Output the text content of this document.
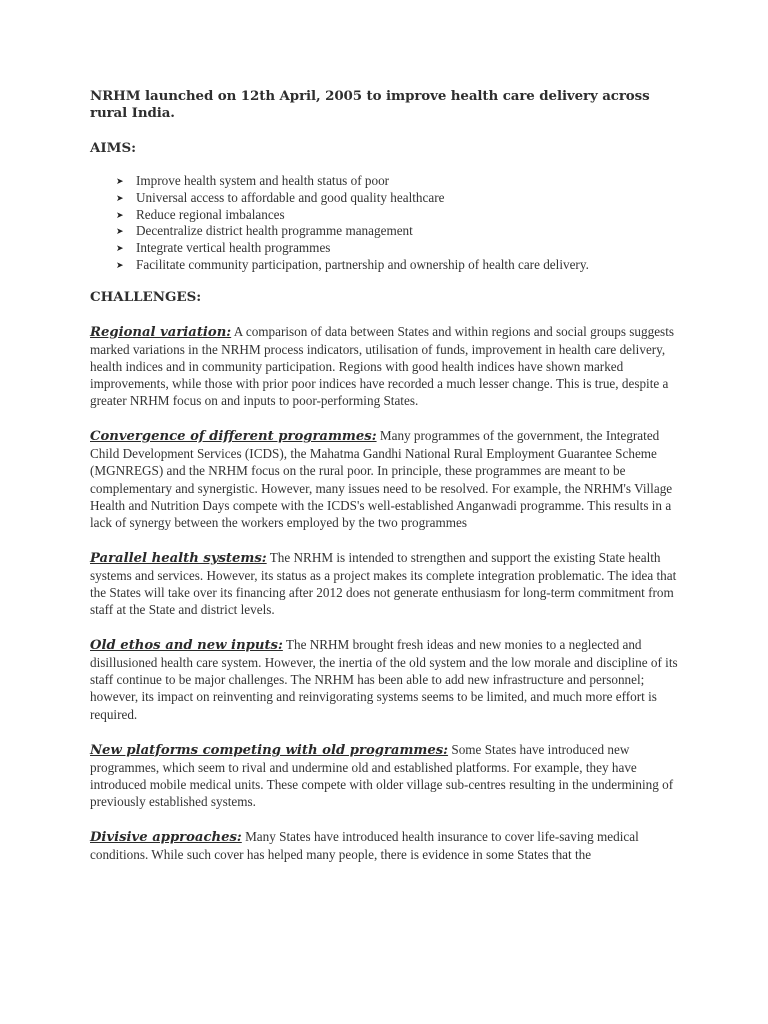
NRHM launched on 12th April, 2005 to improve health care delivery across rural India.

AIMS:

➤ Improve health system and health status of poor
➤ Universal access to affordable and good quality healthcare
➤ Reduce regional imbalances
➤ Decentralize district health programme management
➤ Integrate vertical health programmes
➤ Facilitate community participation, partnership and ownership of health care delivery.

CHALLENGES:

Regional variation: A comparison of data between States and within regions and social groups suggests marked variations in the NRHM process indicators, utilisation of funds, improvement in health care delivery, health indices and in community participation. Regions with good health indices have shown marked improvements, while those with prior poor indices have recorded a much lesser change. This is true, despite a greater NRHM focus on and inputs to poor-performing States.

Convergence of different programmes: Many programmes of the government, the Integrated Child Development Services (ICDS), the Mahatma Gandhi National Rural Employment Guarantee Scheme (MGNREGS) and the NRHM focus on the rural poor. In principle, these programmes are meant to be complementary and synergistic. However, many issues need to be resolved. For example, the NRHM's Village Health and Nutrition Days compete with the ICDS's well-established Anganwadi programme. This results in a lack of synergy between the workers employed by the two programmes

Parallel health systems: The NRHM is intended to strengthen and support the existing State health systems and services. However, its status as a project makes its complete integration problematic. The idea that the States will take over its financing after 2012 does not generate enthusiasm for long-term commitment from staff at the State and district levels.

Old ethos and new inputs: The NRHM brought fresh ideas and new monies to a neglected and disillusioned health care system. However, the inertia of the old system and the low morale and discipline of its staff continue to be major challenges. The NRHM has been able to add new infrastructure and personnel; however, its impact on reinventing and reinvigorating systems seems to be limited, and much more effort is required.

New platforms competing with old programmes: Some States have introduced new programmes, which seem to rival and undermine old and established platforms. For example, they have introduced mobile medical units. These compete with older village sub-centres resulting in the undermining of previously established systems.

Divisive approaches: Many States have introduced health insurance to cover life-saving medical conditions. While such cover has helped many people, there is evidence in some States that the
